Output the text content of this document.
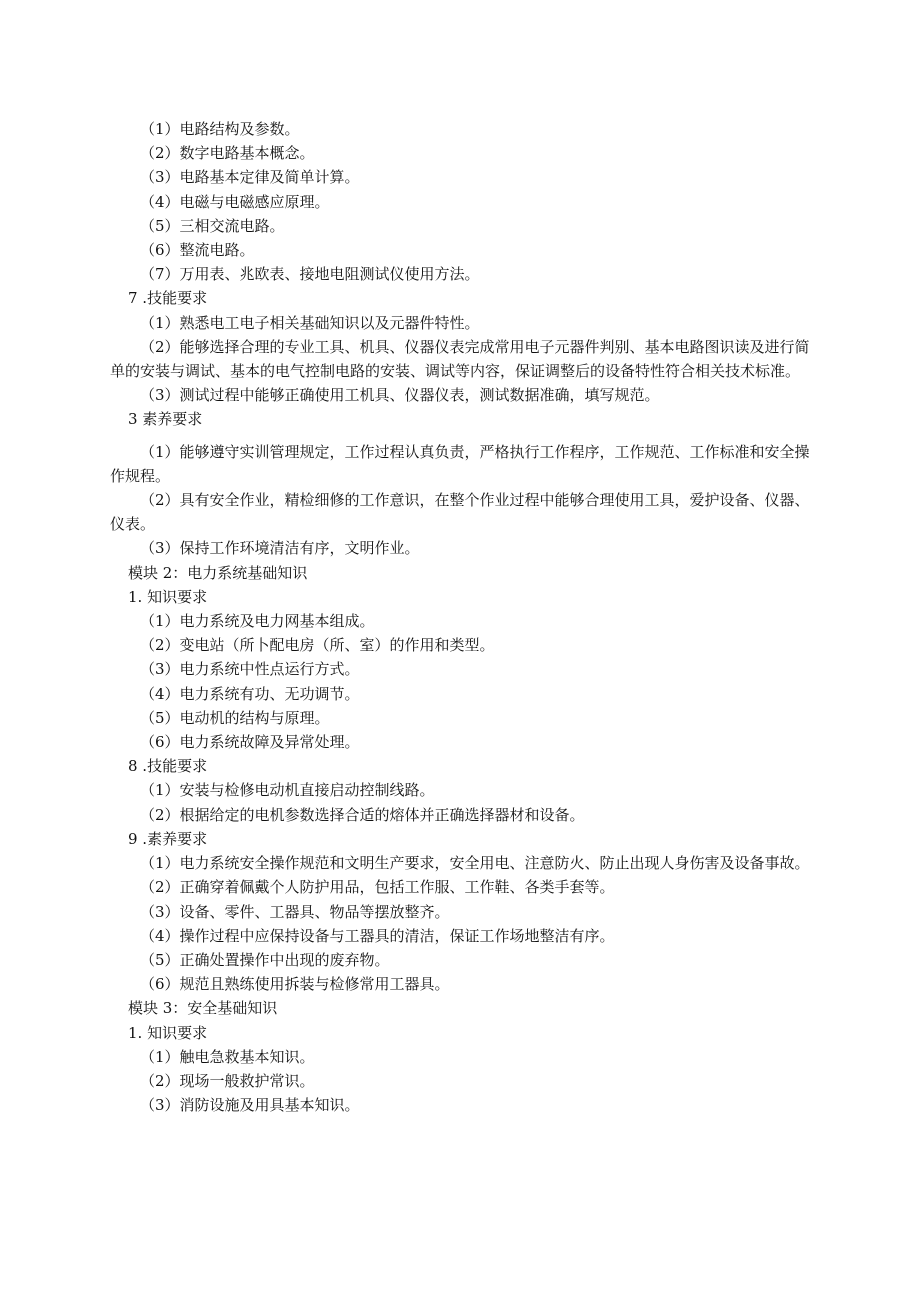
（1）电路结构及参数。
（2）数字电路基本概念。
（3）电路基本定律及简单计算。
（4）电磁与电磁感应原理。
（5）三相交流电路。
（6）整流电路。
（7）万用表、兆欧表、接地电阻测试仪使用方法。
7 .技能要求
（1）熟悉电工电子相关基础知识以及元器件特性。
（2）能够选择合理的专业工具、机具、仪器仪表完成常用电子元器件判别、基本电路图识读及进行简单的安装与调试、基本的电气控制电路的安装、调试等内容，保证调整后的设备特性符合相关技术标准。
（3）测试过程中能够正确使用工机具、仪器仪表，测试数据准确，填写规范。
3 素养要求
（1）能够遵守实训管理规定，工作过程认真负责，严格执行工作程序，工作规范、工作标准和安全操作规程。
（2）具有安全作业，精检细修的工作意识，在整个作业过程中能够合理使用工具，爱护设备、仪器、仪表。
（3）保持工作环境清洁有序，文明作业。
模块 2：电力系统基础知识
1. 知识要求
（1）电力系统及电力网基本组成。
（2）变电站（所卜配电房（所、室）的作用和类型。
（3）电力系统中性点运行方式。
（4）电力系统有功、无功调节。
（5）电动机的结构与原理。
（6）电力系统故障及异常处理。
8 .技能要求
（1）安装与检修电动机直接启动控制线路。
（2）根据给定的电机参数选择合适的熔体并正确选择器材和设备。
9 .素养要求
（1）电力系统安全操作规范和文明生产要求，安全用电、注意防火、防止出现人身伤害及设备事故。
（2）正确穿着佩戴个人防护用品，包括工作服、工作鞋、各类手套等。
（3）设备、零件、工器具、物品等摆放整齐。
（4）操作过程中应保持设备与工器具的清洁，保证工作场地整洁有序。
（5）正确处置操作中出现的废弃物。
（6）规范且熟练使用拆装与检修常用工器具。
模块 3：安全基础知识
1. 知识要求
（1）触电急救基本知识。
（2）现场一般救护常识。
（3）消防设施及用具基本知识。
